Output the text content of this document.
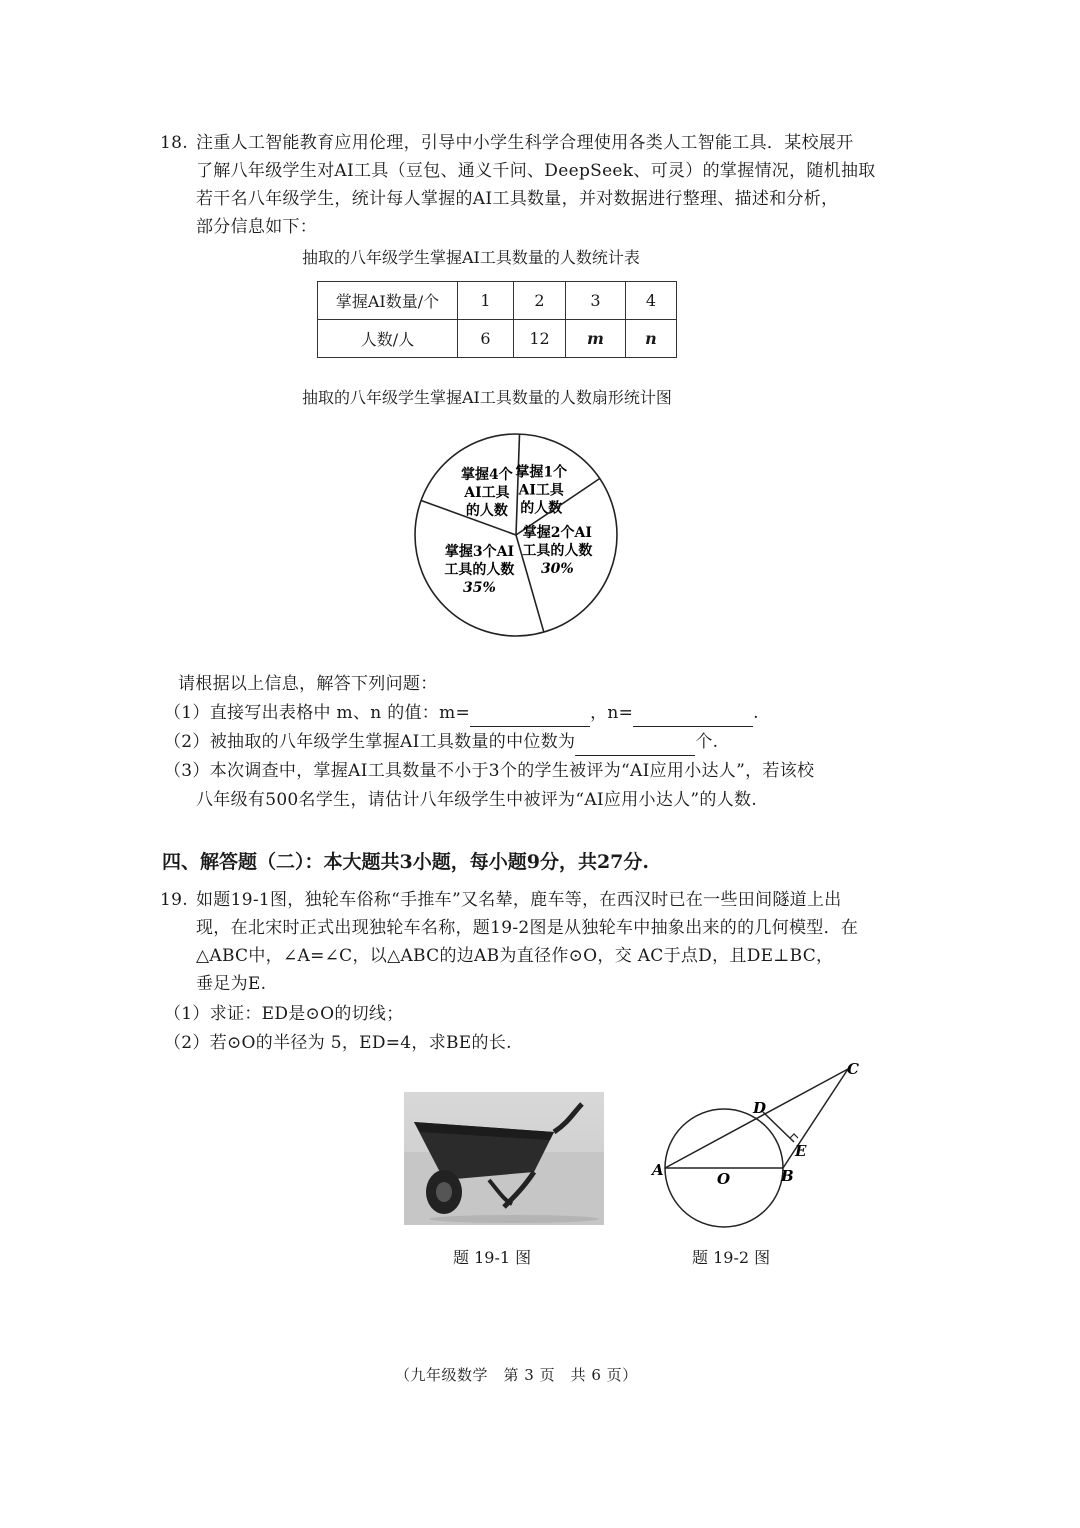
18. 注重人工智能教育应用伦理，引导中小学生科学合理使用各类人工智能工具．某校展开
了解八年级学生对AI工具（豆包、通义千问、DeepSeek、可灵）的掌握情况，随机抽取
若干名八年级学生，统计每人掌握的AI工具数量，并对数据进行整理、描述和分析，
部分信息如下：
抽取的八年级学生掌握AI工具数量的人数统计表
掌握AI数量/个	1	2	3	4
人数/人	6	12	m	n
抽取的八年级学生掌握AI工具数量的人数扇形统计图
掌握1个
AI工具
的人数
掌握2个AI
工具的人数
30%
掌握3个AI
工具的人数
35%
掌握4个
AI工具
的人数
请根据以上信息，解答下列问题：
（1）直接写出表格中 m、n 的值：m=	，n=	.
（2）被抽取的八年级学生掌握AI工具数量的中位数为	个.
（3）本次调查中，掌握AI工具数量不小于3个的学生被评为“AI应用小达人”，若该校
八年级有500名学生，请估计八年级学生中被评为“AI应用小达人”的人数.
四、解答题（二）：本大题共3小题，每小题9分，共27分.
19. 如题19-1图，独轮车俗称“手推车”又名辇，鹿车等，在西汉时已在一些田间隧道上出
现，在北宋时正式出现独轮车名称，题19-2图是从独轮车中抽象出来的的几何模型．在
△ABC中，∠A=∠C，以△ABC的边AB为直径作⊙O，交 AC于点D，且DE⊥BC，
垂足为E.
（1）求证：ED是⊙O的切线；
（2）若⊙O的半径为 5，ED=4，求BE的长.
题 19-1 图
A	O	B
C
D
E
题 19-2 图
（九年级数学　第 3 页　共 6 页）
